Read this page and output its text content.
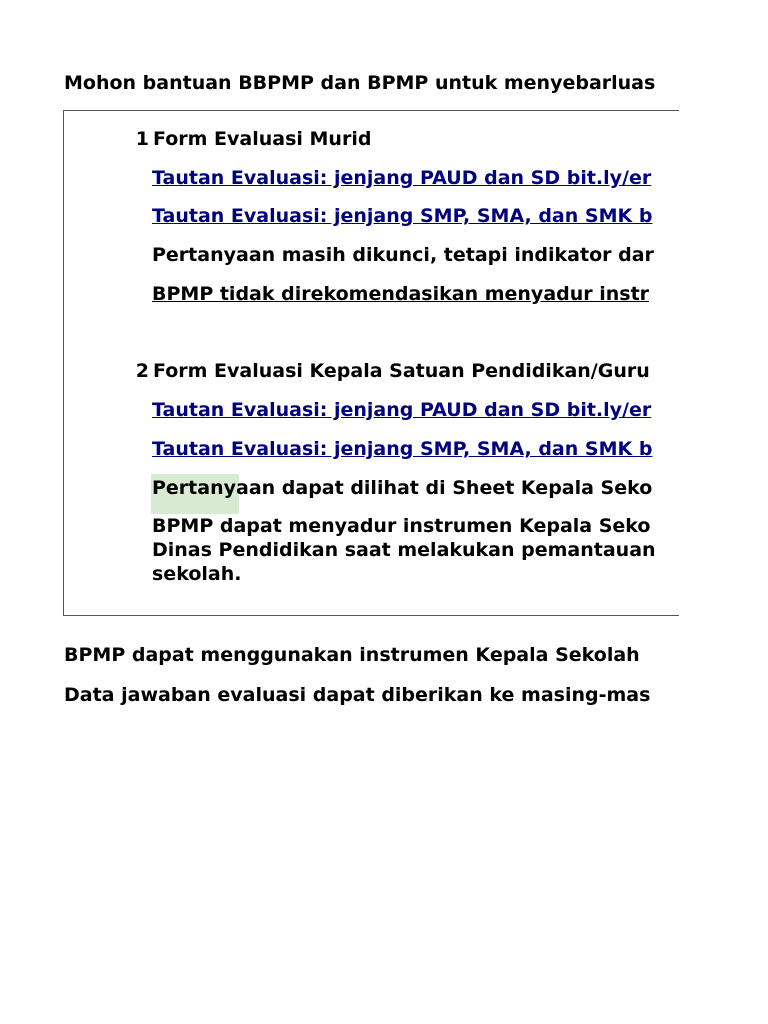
Mohon bantuan BBPMP dan BPMP untuk menyebarluas
1 Form Evaluasi Murid
Tautan Evaluasi: jenjang PAUD dan SD bit.ly/er
Tautan Evaluasi: jenjang SMP, SMA, dan SMK b
Pertanyaan masih dikunci, tetapi indikator dar
BPMP tidak direkomendasikan menyadur instr
2 Form Evaluasi Kepala Satuan Pendidikan/Guru
Tautan Evaluasi: jenjang PAUD dan SD bit.ly/er
Tautan Evaluasi: jenjang SMP, SMA, dan SMK b
Pertanyaan dapat dilihat di Sheet Kepala Seko
BPMP dapat menyadur instrumen Kepala Seko
Dinas Pendidikan saat melakukan pemantauan
sekolah.
BPMP dapat menggunakan instrumen Kepala Sekolah
Data jawaban evaluasi dapat diberikan ke masing-mas
